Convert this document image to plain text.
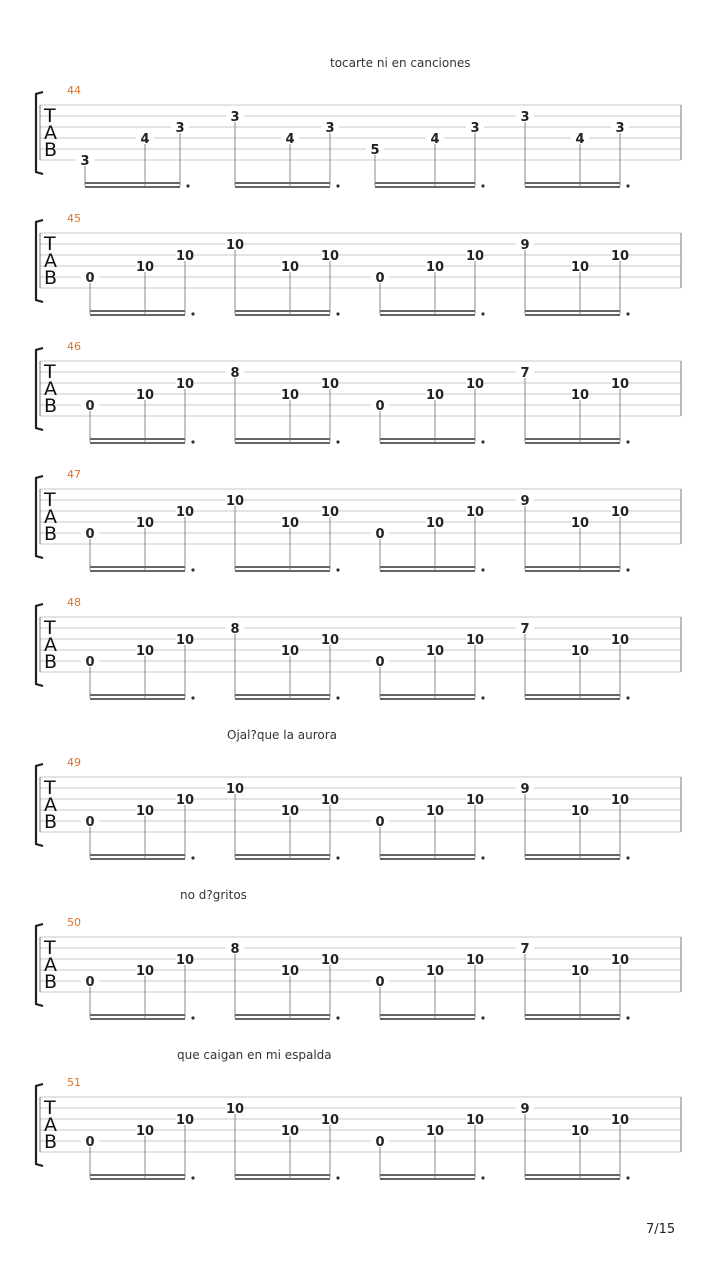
tocarte ni en canciones
Ojal?que la aurora
no d?gritos
que caigan en mi espalda
44
T
A
B
3
4
3
3
4
3
5
4
3
3
4
3
45
T
A
B 0
10
10
10
10
10
0
10
10
9
10
10
46
T
A
B 0
10
10
8
10
10
0
10
10
7
10
10
47
T
A
B 0
10
10
10
10
10
0
10
10
9
10
10
48
T
A
B 0
10
10
8
10
10
0
10
10
7
10
10
49
T
A
B 0
10
10
10
10
10
0
10
10
9
10
10
50
T
A
B 0
10
10
8
10
10
0
10
10
7
10
10
51
T
A
B 0
10
10
10
10
10
0
10
10
9
10
10
7/15
